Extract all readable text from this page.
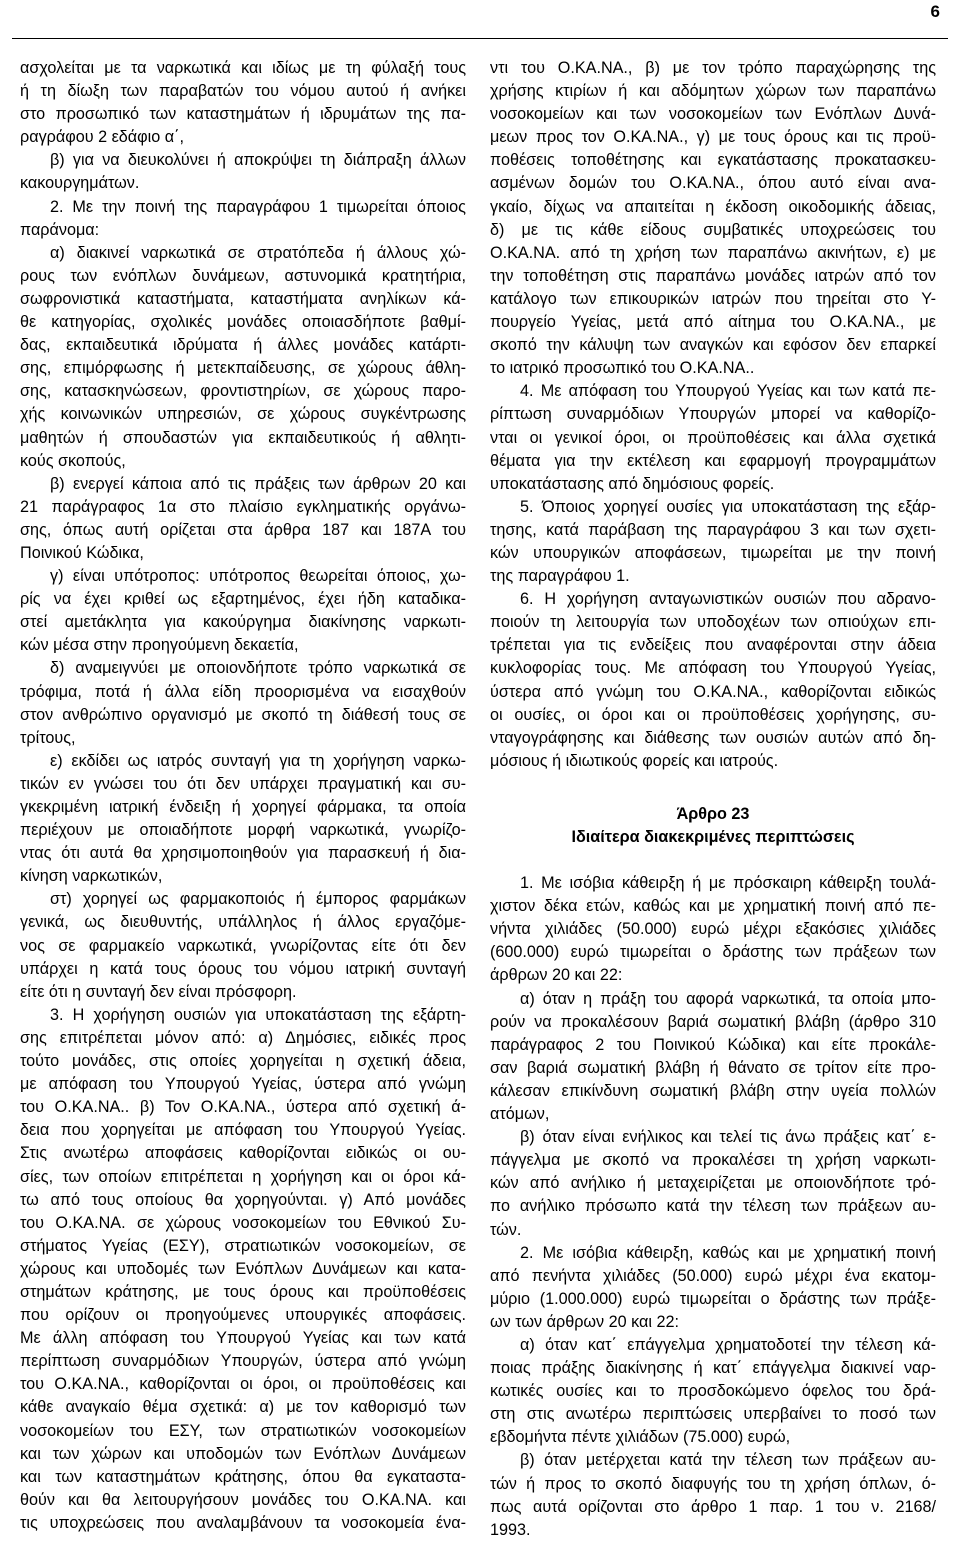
6
ασχολείται με τα ναρκωτικά και ιδίως με τη φύλαξή τους
ή τη δίωξη των παραβατών του νόμου αυτού ή ανήκει
στο προσωπικό των καταστημάτων ή ιδρυμάτων της πα-
ραγράφου 2 εδάφιο α΄,
β) για να διευκολύνει ή αποκρύψει τη διάπραξη άλλων
κακουργημάτων.
2. Με την ποινή της παραγράφου 1 τιμωρείται όποιος
παράνομα:
α) διακινεί ναρκωτικά σε στρατόπεδα ή άλλους χώ-
ρους των ενόπλων δυνάμεων, αστυνομικά κρατητήρια,
σωφρονιστικά καταστήματα, καταστήματα ανηλίκων κά-
θε κατηγορίας, σχολικές μονάδες οποιασδήποτε βαθμί-
δας, εκπαιδευτικά ιδρύματα ή άλλες μονάδες κατάρτι-
σης, επιμόρφωσης ή μετεκπαίδευσης, σε χώρους άθλη-
σης, κατασκηνώσεων, φροντιστηρίων, σε χώρους παρο-
χής κοινωνικών υπηρεσιών, σε χώρους συγκέντρωσης
μαθητών ή σπουδαστών για εκπαιδευτικούς ή αθλητι-
κούς σκοπούς,
β) ενεργεί κάποια από τις πράξεις των άρθρων 20 και
21 παράγραφος 1α στο πλαίσιο εγκληματικής οργάνω-
σης, όπως αυτή ορίζεται στα άρθρα 187 και 187Α του
Ποινικού Κώδικα,
γ) είναι υπότροπος: υπότροπος θεωρείται όποιος, χω-
ρίς να έχει κριθεί ως εξαρτημένος, έχει ήδη καταδικα-
στεί αμετάκλητα για κακούργημα διακίνησης ναρκωτι-
κών μέσα στην προηγούμενη δεκαετία,
δ) αναμειγνύει με οποιονδήποτε τρόπο ναρκωτικά σε
τρόφιμα, ποτά ή άλλα είδη προορισμένα να εισαχθούν
στον ανθρώπινο οργανισμό με σκοπό τη διάθεσή τους σε
τρίτους,
ε) εκδίδει ως ιατρός συνταγή για τη χορήγηση ναρκω-
τικών εν γνώσει του ότι δεν υπάρχει πραγματική και συ-
γκεκριμένη ιατρική ένδειξη ή χορηγεί φάρμακα, τα οποία
περιέχουν με οποιαδήποτε μορφή ναρκωτικά, γνωρίζο-
ντας ότι αυτά θα χρησιμοποιηθούν για παρασκευή ή δια-
κίνηση ναρκωτικών,
στ) χορηγεί ως φαρμακοποιός ή έμπορος φαρμάκων
γενικά, ως διευθυντής, υπάλληλος ή άλλος εργαζόμε-
νος σε φαρμακείο ναρκωτικά, γνωρίζοντας είτε ότι δεν
υπάρχει η κατά τους όρους του νόμου ιατρική συνταγή
είτε ότι η συνταγή δεν είναι πρόσφορη.
3. Η χορήγηση ουσιών για υποκατάσταση της εξάρτη-
σης επιτρέπεται μόνον από: α) Δημόσιες, ειδικές προς
τούτο μονάδες, στις οποίες χορηγείται η σχετική άδεια,
με απόφαση του Υπουργού Υγείας, ύστερα από γνώμη
του Ο.ΚΑ.ΝΑ.. β) Τον Ο.ΚΑ.ΝΑ., ύστερα από σχετική ά-
δεια που χορηγείται με απόφαση του Υπουργού Υγείας.
Στις ανωτέρω αποφάσεις καθορίζονται ειδικώς οι ου-
σίες, των οποίων επιτρέπεται η χορήγηση και οι όροι κά-
τω από τους οποίους θα χορηγούνται. γ) Από μονάδες
του Ο.ΚΑ.ΝΑ. σε χώρους νοσοκομείων του Εθνικού Συ-
στήματος Υγείας (ΕΣΥ), στρατιωτικών νοσοκομείων, σε
χώρους και υποδομές των Ενόπλων Δυνάμεων και κατα-
στημάτων κράτησης, με τους όρους και προϋποθέσεις
που ορίζουν οι προηγούμενες υπουργικές αποφάσεις.
Με άλλη απόφαση του Υπουργού Υγείας και των κατά
περίπτωση συναρμόδιων Υπουργών, ύστερα από γνώμη
του Ο.ΚΑ.ΝΑ., καθορίζονται οι όροι, οι προϋποθέσεις και
κάθε αναγκαίο θέμα σχετικά: α) με τον καθορισμό των
νοσοκομείων του ΕΣΥ, των στρατιωτικών νοσοκομείων
και των χώρων και υποδομών των Ενόπλων Δυνάμεων
και των καταστημάτων κράτησης, όπου θα εγκαταστα-
θούν και θα λειτουργήσουν μονάδες του Ο.ΚΑ.ΝΑ. και
τις υποχρεώσεις που αναλαμβάνουν τα νοσοκομεία ένα-
ντι του Ο.ΚΑ.ΝΑ., β) με τον τρόπο παραχώρησης της
χρήσης κτιρίων ή και αδόμητων χώρων των παραπάνω
νοσοκομείων και των νοσοκομείων των Ενόπλων Δυνά-
μεων προς τον Ο.ΚΑ.ΝΑ., γ) με τους όρους και τις προϋ-
ποθέσεις τοποθέτησης και εγκατάστασης προκατασκευ-
ασμένων δομών του Ο.ΚΑ.ΝΑ., όπου αυτό είναι ανα-
γκαίο, δίχως να απαιτείται η έκδοση οικοδομικής άδειας,
δ) με τις κάθε είδους συμβατικές υποχρεώσεις του
Ο.ΚΑ.ΝΑ. από τη χρήση των παραπάνω ακινήτων, ε) με
την τοποθέτηση στις παραπάνω μονάδες ιατρών από τον
κατάλογο των επικουρικών ιατρών που τηρείται στο Υ-
πουργείο Υγείας, μετά από αίτημα του Ο.ΚΑ.ΝΑ., με
σκοπό την κάλυψη των αναγκών και εφόσον δεν επαρκεί
το ιατρικό προσωπικό του Ο.ΚΑ.ΝΑ..
4. Με απόφαση του Υπουργού Υγείας και των κατά πε-
ρίπτωση συναρμόδιων Υπουργών μπορεί να καθορίζο-
νται οι γενικοί όροι, οι προϋποθέσεις και άλλα σχετικά
θέματα για την εκτέλεση και εφαρμογή προγραμμάτων
υποκατάστασης από δημόσιους φορείς.
5. Όποιος χορηγεί ουσίες για υποκατάσταση της εξάρ-
τησης, κατά παράβαση της παραγράφου 3 και των σχετι-
κών υπουργικών αποφάσεων, τιμωρείται με την ποινή
της παραγράφου 1.
6. Η χορήγηση ανταγωνιστικών ουσιών που αδρανο-
ποιούν τη λειτουργία των υποδοχέων των οπιούχων επι-
τρέπεται για τις ενδείξεις που αναφέρονται στην άδεια
κυκλοφορίας τους. Με απόφαση του Υπουργού Υγείας,
ύστερα από γνώμη του Ο.ΚΑ.ΝΑ., καθορίζονται ειδικώς
οι ουσίες, οι όροι και οι προϋποθέσεις χορήγησης, συ-
νταγογράφησης και διάθεσης των ουσιών αυτών από δη-
μόσιους ή ιδιωτικούς φορείς και ιατρούς.
Άρθρο 23
Ιδιαίτερα διακεκριμένες περιπτώσεις
1. Με ισόβια κάθειρξη ή με πρόσκαιρη κάθειρξη τουλά-
χιστον δέκα ετών, καθώς και με χρηματική ποινή από πε-
νήντα χιλιάδες (50.000) ευρώ μέχρι εξακόσιες χιλιάδες
(600.000) ευρώ τιμωρείται ο δράστης των πράξεων των
άρθρων 20 και 22:
α) όταν η πράξη του αφορά ναρκωτικά, τα οποία μπο-
ρούν να προκαλέσουν βαριά σωματική βλάβη (άρθρο 310
παράγραφος 2 του Ποινικού Κώδικα) και είτε προκάλε-
σαν βαριά σωματική βλάβη ή θάνατο σε τρίτον είτε προ-
κάλεσαν επικίνδυνη σωματική βλάβη στην υγεία πολλών
ατόμων,
β) όταν είναι ενήλικος και τελεί τις άνω πράξεις κατ΄ ε-
πάγγελμα με σκοπό να προκαλέσει τη χρήση ναρκωτι-
κών από ανήλικο ή μεταχειρίζεται με οποιονδήποτε τρό-
πο ανήλικο πρόσωπο κατά την τέλεση των πράξεων αυ-
τών.
2. Με ισόβια κάθειρξη, καθώς και με χρηματική ποινή
από πενήντα χιλιάδες (50.000) ευρώ μέχρι ένα εκατομ-
μύριο (1.000.000) ευρώ τιμωρείται ο δράστης των πράξε-
ων των άρθρων 20 και 22:
α) όταν κατ΄ επάγγελμα χρηματοδοτεί την τέλεση κά-
ποιας πράξης διακίνησης ή κατ΄ επάγγελμα διακινεί ναρ-
κωτικές ουσίες και το προσδοκώμενο όφελος του δρά-
στη στις ανωτέρω περιπτώσεις υπερβαίνει το ποσό των
εβδομήντα πέντε χιλιάδων (75.000) ευρώ,
β) όταν μετέρχεται κατά την τέλεση των πράξεων αυ-
τών ή προς το σκοπό διαφυγής του τη χρήση όπλων, ό-
πως αυτά ορίζονται στο άρθρο 1 παρ. 1 του ν. 2168/
1993.
